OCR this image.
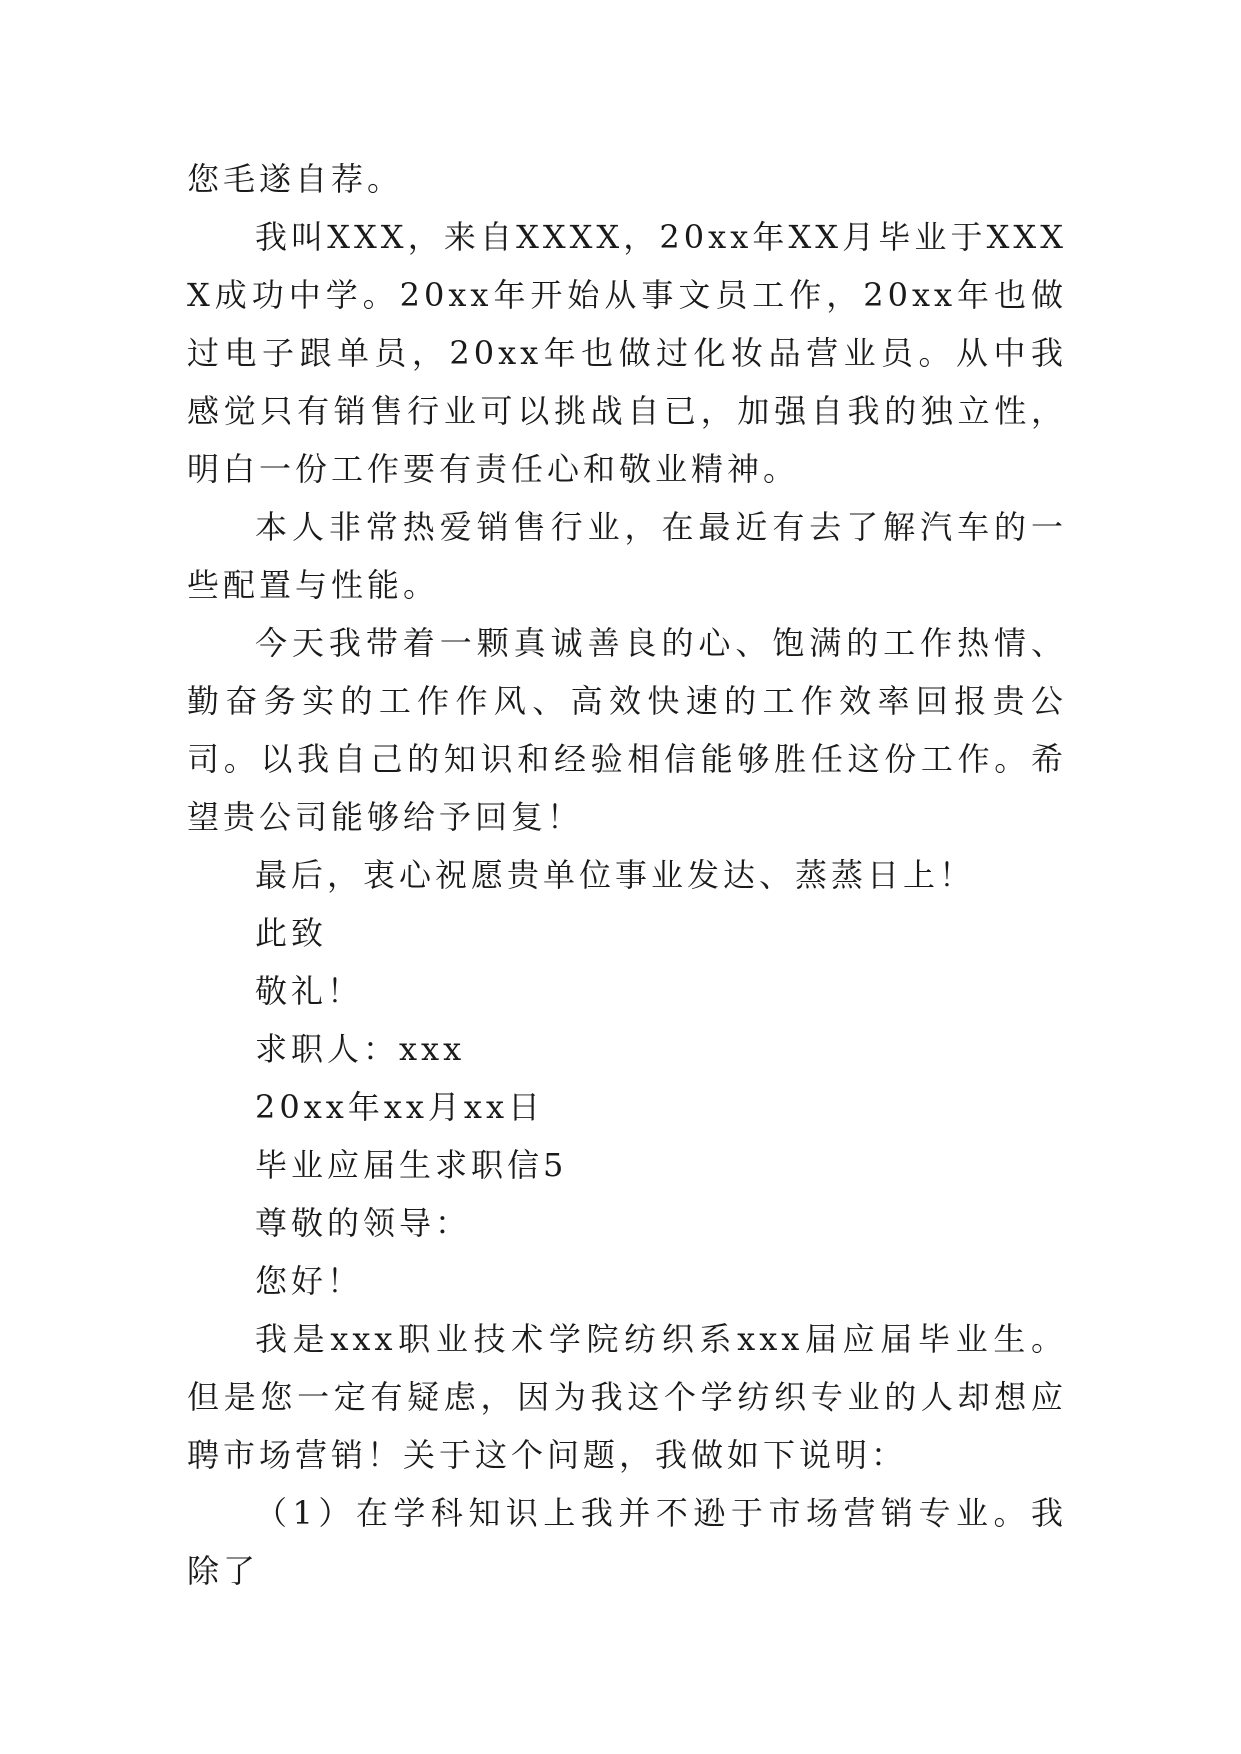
您毛遂自荐。

我叫XXX，来自XXXX，20xx年XX月毕业于XXXX成功中学。20xx年开始从事文员工作，20xx年也做过电子跟单员，20xx年也做过化妆品营业员。从中我感觉只有销售行业可以挑战自已，加强自我的独立性，明白一份工作要有责任心和敬业精神。

本人非常热爱销售行业，在最近有去了解汽车的一些配置与性能。

今天我带着一颗真诚善良的心、饱满的工作热情、勤奋务实的工作作风、高效快速的工作效率回报贵公司。以我自己的知识和经验相信能够胜任这份工作。希望贵公司能够给予回复！

最后，衷心祝愿贵单位事业发达、蒸蒸日上！

此致

敬礼！

求职人：xxx

20xx年xx月xx日

毕业应届生求职信5

尊敬的领导：

您好！

我是xxx职业技术学院纺织系xxx届应届毕业生。但是您一定有疑虑，因为我这个学纺织专业的人却想应聘市场营销！关于这个问题，我做如下说明：

（1）在学科知识上我并不逊于市场营销专业。我除了
